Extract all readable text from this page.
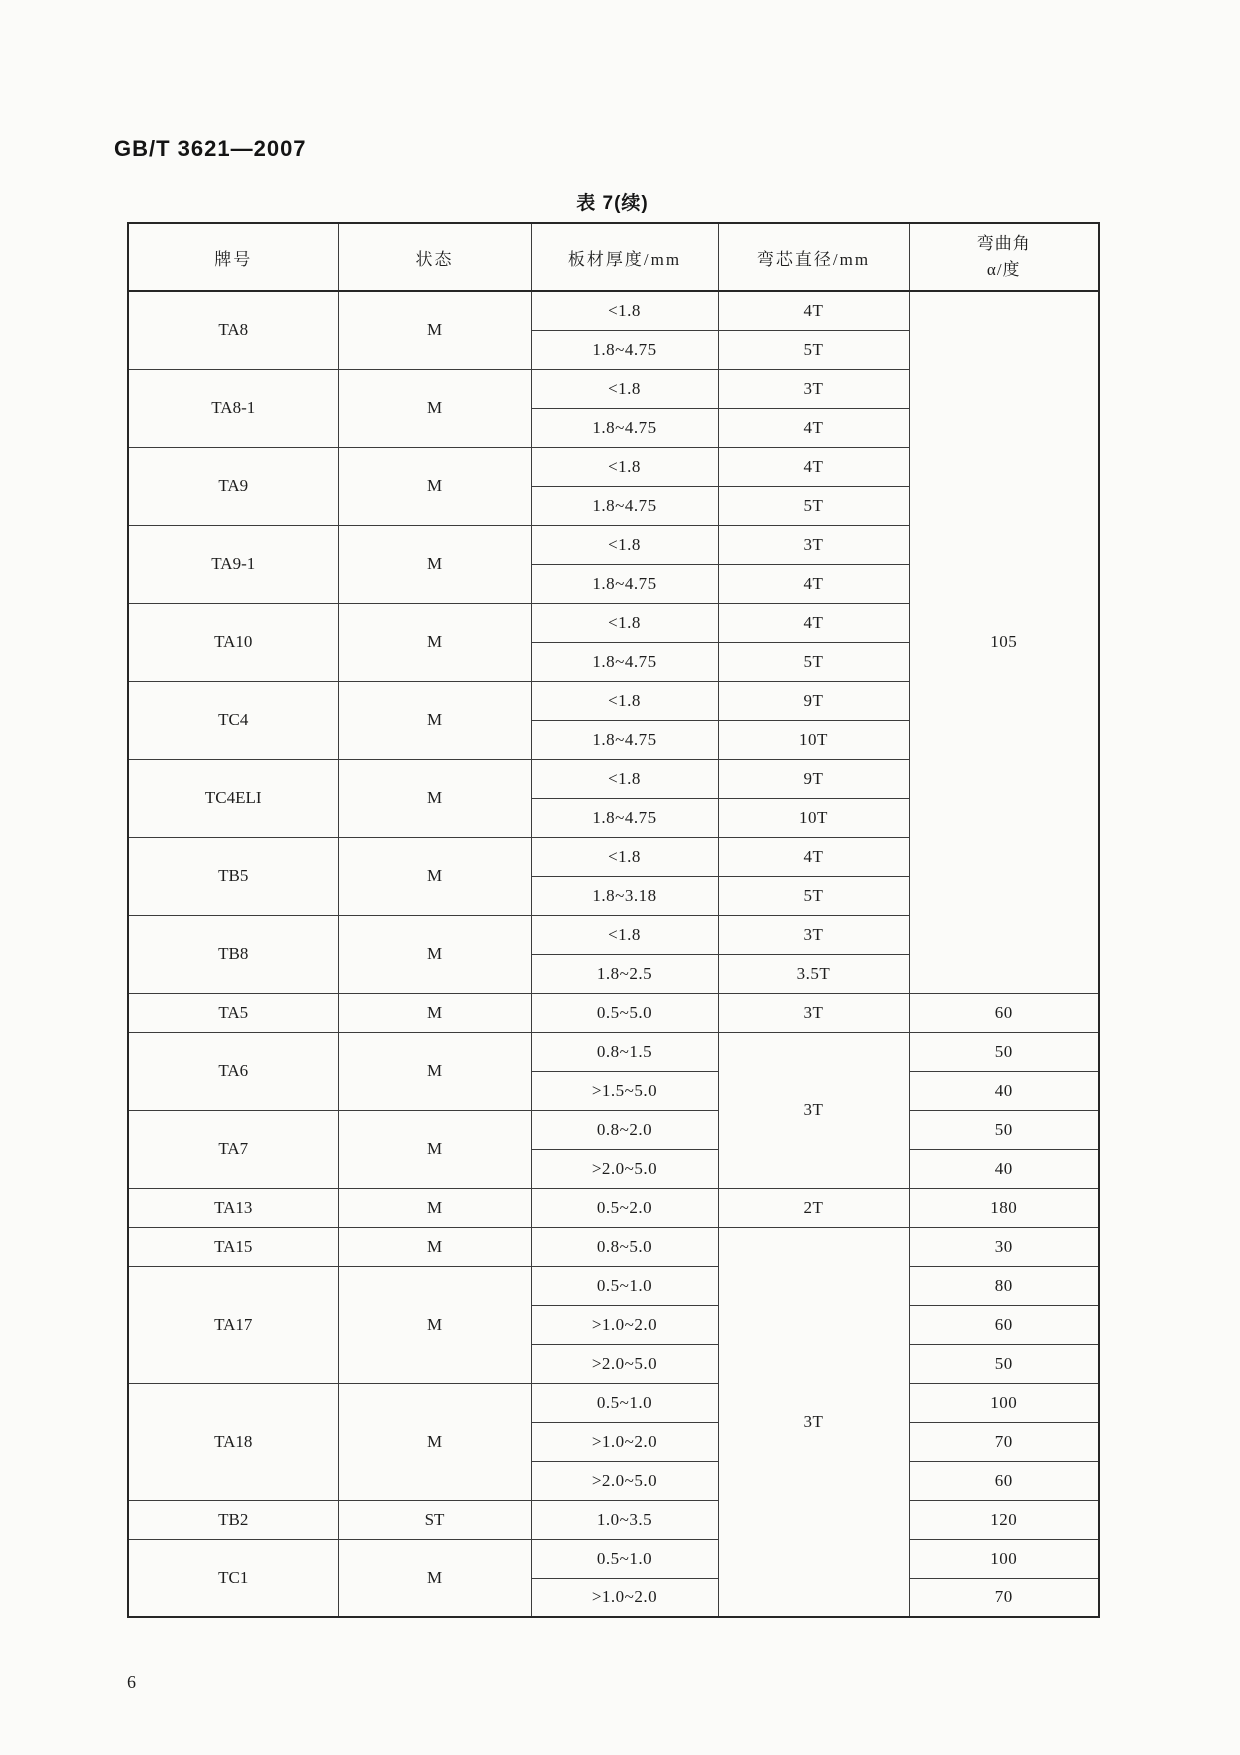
GB/T 3621—2007
表 7(续)
牌号	状态	板材厚度/mm	弯芯直径/mm	弯曲角
α/度

TA8	M	<1.8	4T	105
		1.8~4.75	5T	
TA8-1	M	<1.8	3T	
		1.8~4.75	4T	
TA9	M	<1.8	4T	
		1.8~4.75	5T	
TA9-1	M	<1.8	3T	
		1.8~4.75	4T	
TA10	M	<1.8	4T	
		1.8~4.75	5T	
TC4	M	<1.8	9T	
		1.8~4.75	10T	
TC4ELI	M	<1.8	9T	
		1.8~4.75	10T	
TB5	M	<1.8	4T	
		1.8~3.18	5T	
TB8	M	<1.8	3T	
		1.8~2.5	3.5T	
TA5	M	0.5~5.0	3T	60
TA6	M	0.8~1.5	3T	50
		>1.5~5.0		40
TA7	M	0.8~2.0		50
		>2.0~5.0		40
TA13	M	0.5~2.0	2T	180
TA15	M	0.8~5.0	3T	30
TA17	M	0.5~1.0		80
		>1.0~2.0		60
		>2.0~5.0		50
TA18	M	0.5~1.0		100
		>1.0~2.0		70
		>2.0~5.0		60
TB2	ST	1.0~3.5		120
TC1	M	0.5~1.0		100
		>1.0~2.0		70
6
